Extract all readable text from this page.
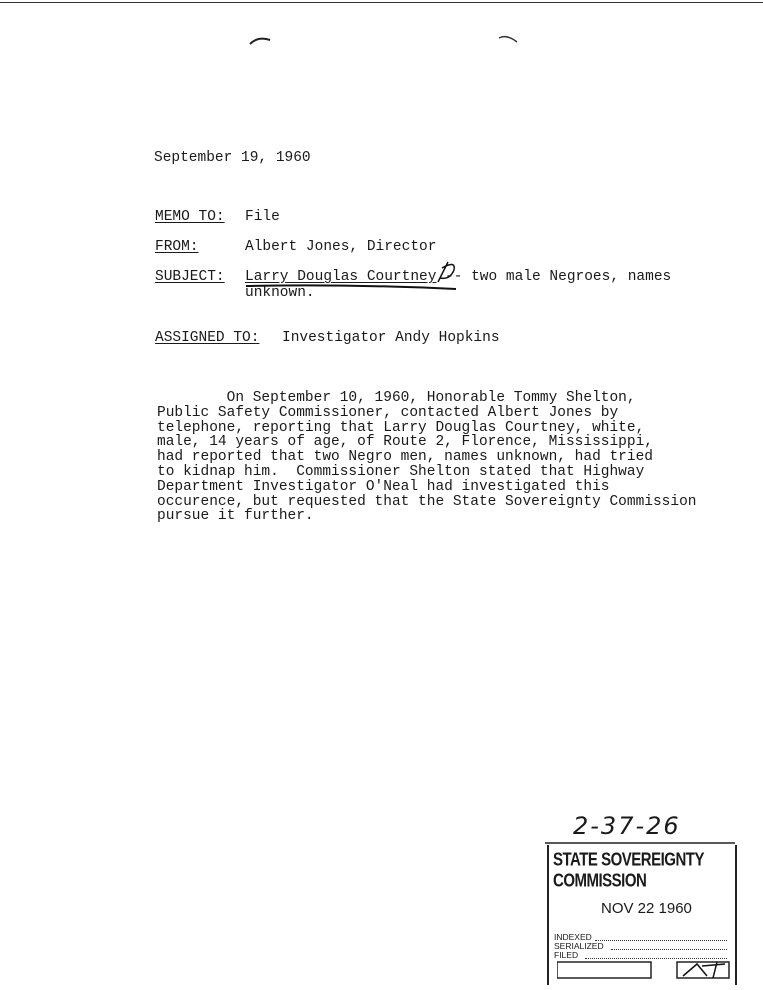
September 19, 1960
MEMO TO: File
FROM:	Albert Jones, Director
SUBJECT: Larry Douglas Courtney -- two male Negroes, names
unknown.
ASSIGNED TO: Investigator Andy Hopkins
On September 10, 1960, Honorable Tommy Shelton,
Public Safety Commissioner, contacted Albert Jones by
telephone, reporting that Larry Douglas Courtney, white,
male, 14 years of age, of Route 2, Florence, Mississippi,
had reported that two Negro men, names unknown, had tried
to kidnap him.  Commissioner Shelton stated that Highway
Department Investigator O'Neal had investigated this
occurence, but requested that the State Sovereignty Commission
pursue it further.
2-37-26
STATE SOVEREIGNTY COMMISSION
NOV 22 1960
INDEXED
SERIALIZED
FILED
